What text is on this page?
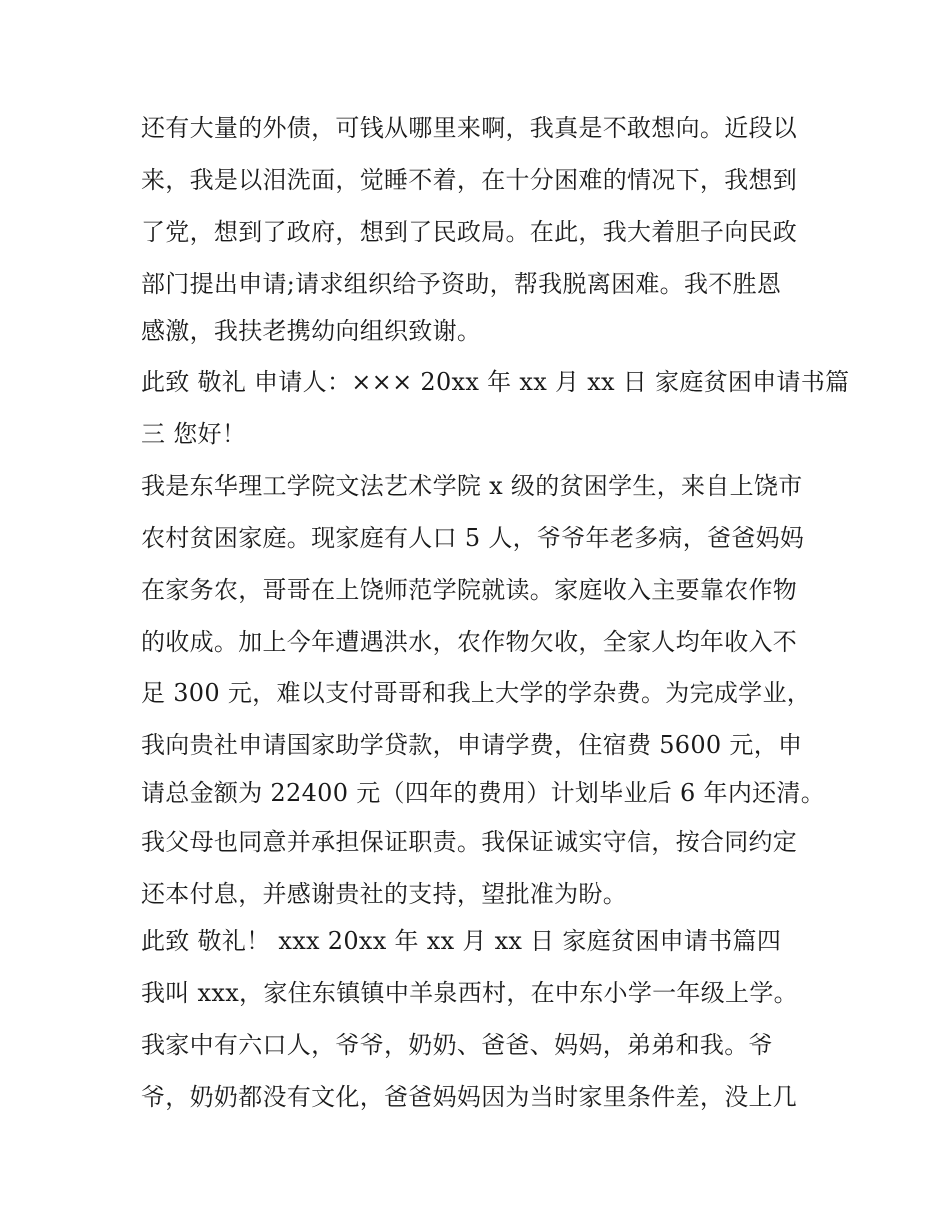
还有大量的外债，可钱从哪里来啊，我真是不敢想向。近段以
来，我是以泪洗面，觉睡不着，在十分困难的情况下，我想到
了党，想到了政府，想到了民政局。在此，我大着胆子向民政
部门提出申请;请求组织给予资助，帮我脱离困难。我不胜恩
感激，我扶老携幼向组织致谢。
此致 敬礼 申请人：××× 20xx 年 xx 月 xx 日 家庭贫困申请书篇
三 您好！
我是东华理工学院文法艺术学院 x 级的贫困学生，来自上饶市
农村贫困家庭。现家庭有人口 5 人，爷爷年老多病，爸爸妈妈
在家务农，哥哥在上饶师范学院就读。家庭收入主要靠农作物
的收成。加上今年遭遇洪水，农作物欠收，全家人均年收入不
足 300 元，难以支付哥哥和我上大学的学杂费。为完成学业，
我向贵社申请国家助学贷款，申请学费，住宿费 5600 元，申
请总金额为 22400 元（四年的费用）计划毕业后 6 年内还清。
我父母也同意并承担保证职责。我保证诚实守信，按合同约定
还本付息，并感谢贵社的支持，望批准为盼。
此致 敬礼！ xxx 20xx 年 xx 月 xx 日 家庭贫困申请书篇四
我叫 xxx，家住东镇镇中羊泉西村，在中东小学一年级上学。
我家中有六口人，爷爷，奶奶、爸爸、妈妈，弟弟和我。爷
爷，奶奶都没有文化，爸爸妈妈因为当时家里条件差，没上几
